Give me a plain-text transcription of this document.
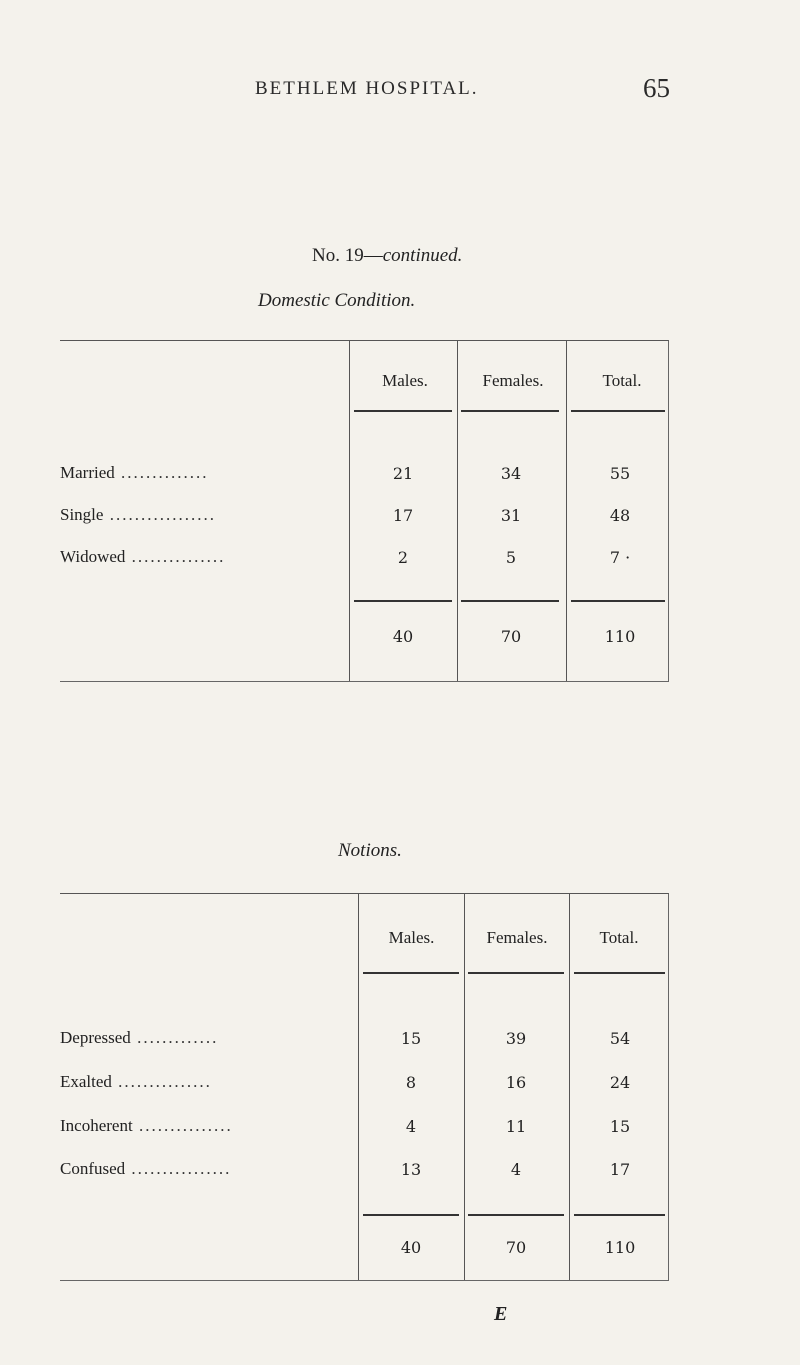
BETHLEM HOSPITAL.	65
No. 19—continued.
Domestic Condition.
Males.	Females.	Total.
Married ..............	21	34	55
Single .................	17	31	48
Widowed ...............	2	5	7 ·
40	70	110
Notions.
Males.	Females.	Total.
Depressed .............	15	39	54
Exalted ...............	8	16	24
Incoherent ...............	4	11	15
Confused ................	13	4	17
40	70	110
E
